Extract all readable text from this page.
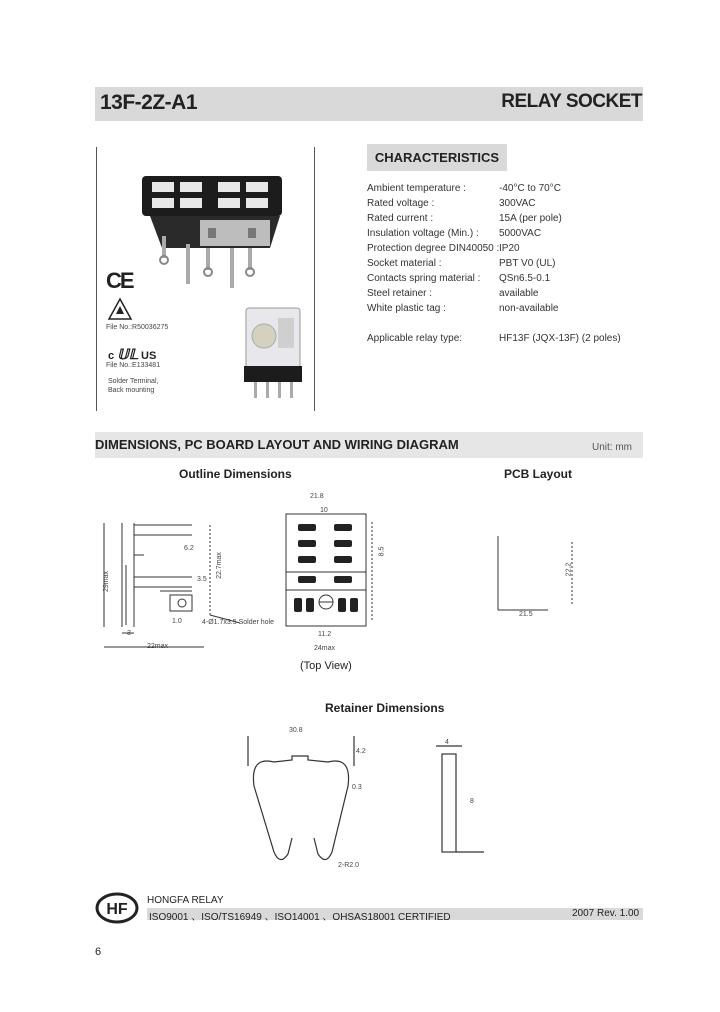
13F-2Z-A1	RELAY SOCKET
CE
File No.:R50036275
c 𝕌𝕃 US
File No.:E133481
Solder Terminal,
Back mounting
CHARACTERISTICS
Ambient temperature :	-40°C to 70°C
Rated voltage :	300VAC
Rated current :	15A (per pole)
Insulation voltage (Min.) : 5000VAC
Protection degree DIN40050 : IP20
Socket material :	PBT V0 (UL)
Contacts spring material : QSn6.5-0.1
Steel retainer :	available
White plastic tag :	non-available
Applicable relay type:	HF13F (JQX-13F) (2 poles)
DIMENSIONS, PC BOARD LAYOUT AND WIRING DIAGRAM	Unit: mm
Outline Dimensions	PCB Layout
29max
6.2
3.5
22.7max
1.0
3
22max
4-Ø1.7x3.5 Solder hole
21.8
10
8.5
11.2
24max
(Top View)
22.2
21.5
Retainer Dimensions
30.8
4.2
0.3
2-R2.0
4
8
HF
HONGFA RELAY
ISO9001 、ISO/TS16949 、ISO14001 、OHSAS18001 CERTIFIED	2007 Rev. 1.00
6
